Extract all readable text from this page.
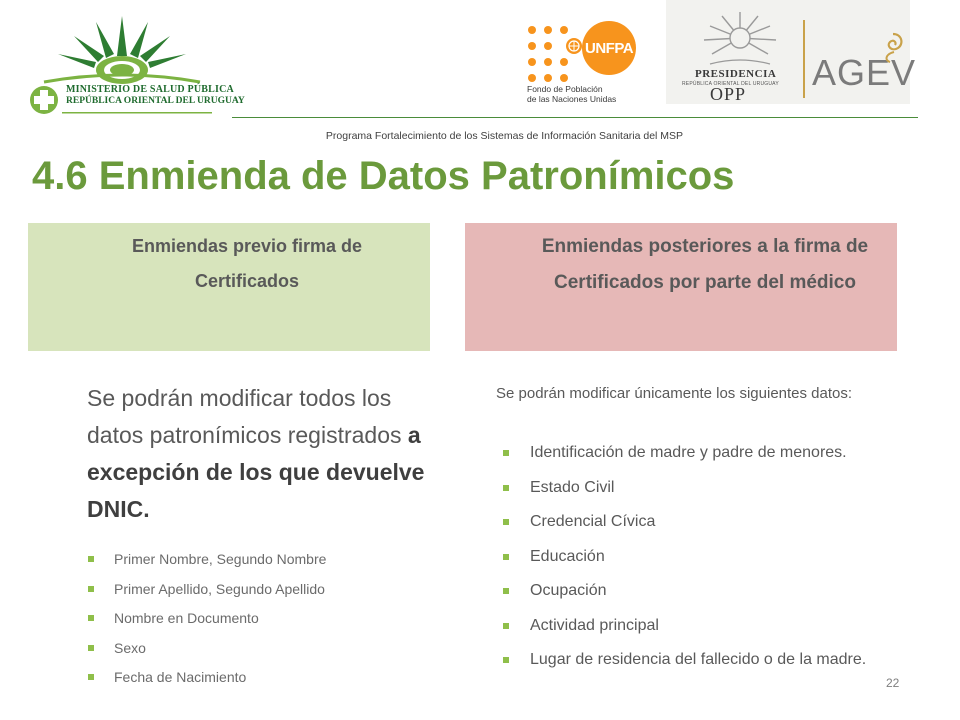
MINISTERIO DE SALUD PÚBLICA
REPÚBLICA ORIENTAL DEL URUGUAY
UNFPA
Fondo de Población
de las Naciones Unidas
PRESIDENCIA
REPÚBLICA ORIENTAL DEL URUGUAY
OPP
AGEV
Programa Fortalecimiento de los Sistemas de Información Sanitaria del MSP
4.6 Enmienda de Datos Patronímicos
Enmiendas previo firma de Certificados
Enmiendas posteriores a la firma de Certificados por parte del médico
Se podrán modificar todos los datos patronímicos registrados a excepción de los que devuelve DNIC.
Primer Nombre, Segundo Nombre
Primer Apellido, Segundo Apellido
Nombre en Documento
Sexo
Fecha de Nacimiento
Se podrán modificar únicamente los siguientes datos:
Identificación de madre y padre de menores.
Estado Civil
Credencial Cívica
Educación
Ocupación
Actividad principal
Lugar de residencia del fallecido o de la madre.
22
